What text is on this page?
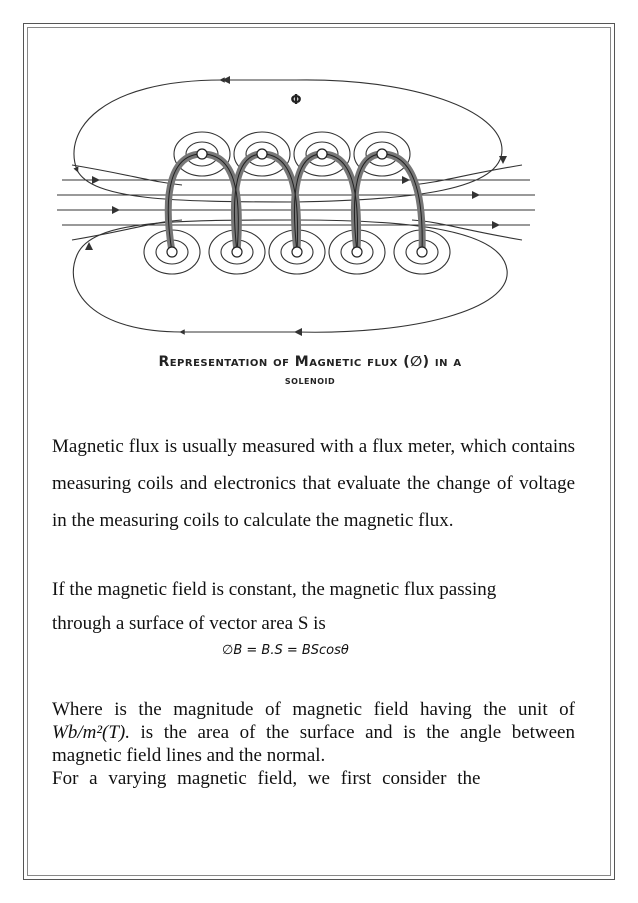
Φ
Representation of Magnetic flux (∅) in a
solenoid
Magnetic flux is usually measured with a flux meter, which contains measuring coils and electronics that evaluate the change of voltage in the measuring coils to calculate the magnetic flux.
If the magnetic field is constant, the magnetic flux passing
through a surface of vector area S is
∅B = B.S = BScosθ
Where is the magnitude of magnetic field having the unit of Wb/m²(T). is the area of the surface and is the angle between magnetic field lines and the normal.
For a varying magnetic field, we first consider the
